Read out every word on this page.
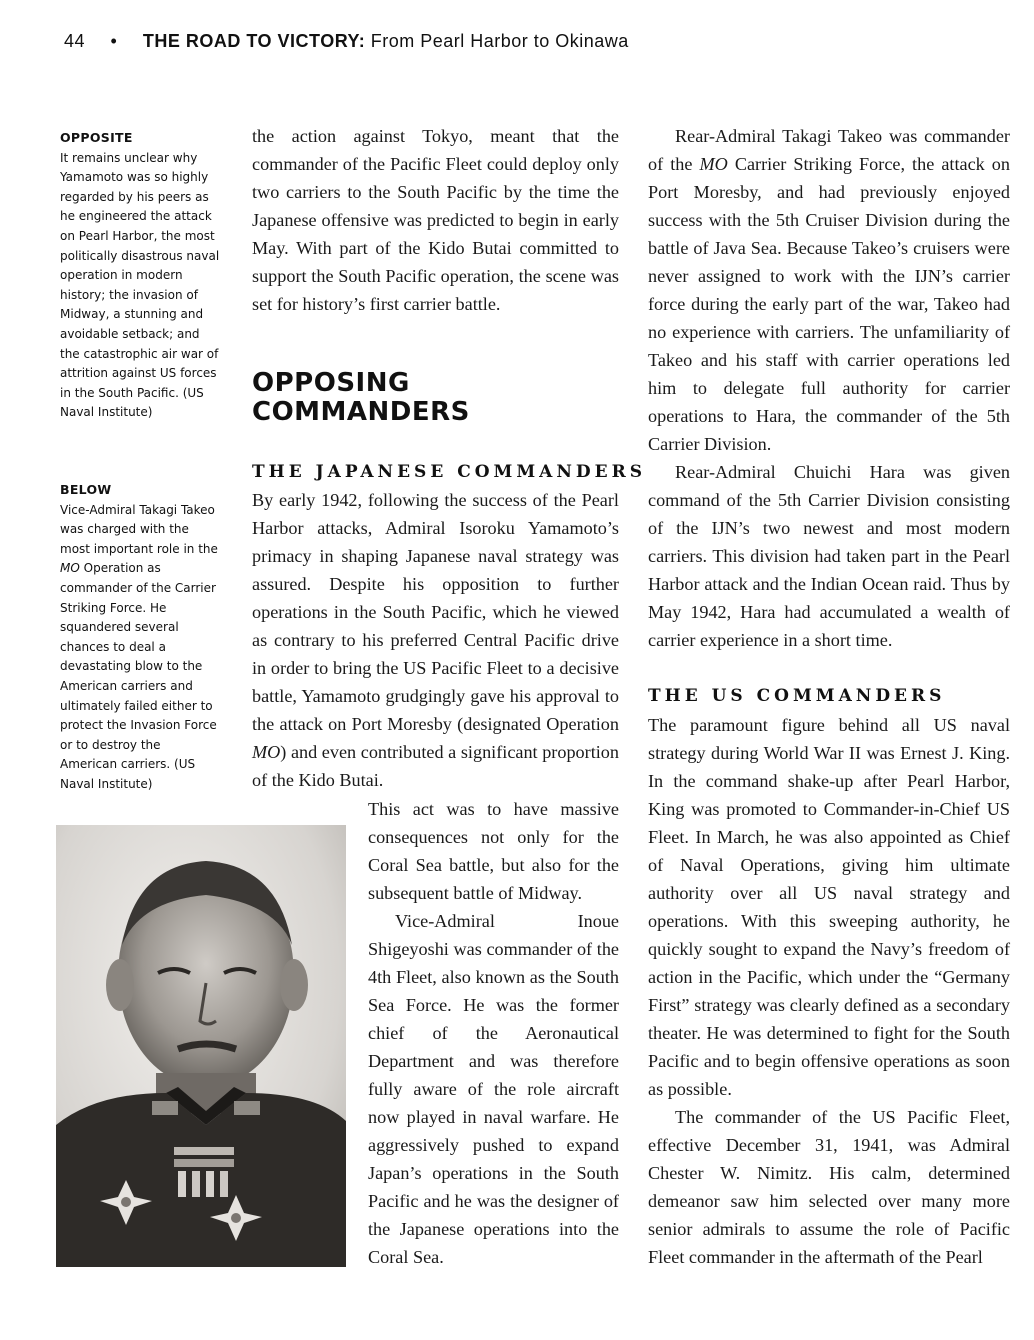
44 • THE ROAD TO VICTORY: From Pearl Harbor to Okinawa
OPPOSITE
It remains unclear why Yamamoto was so highly regarded by his peers as he engineered the attack on Pearl Harbor, the most politically disastrous naval operation in modern history; the invasion of Midway, a stunning and avoidable setback; and the catastrophic air war of attrition against US forces in the South Pacific. (US Naval Institute)
BELOW
Vice-Admiral Takagi Takeo was charged with the most important role in the MO Operation as commander of the Carrier Striking Force. He squandered several chances to deal a devastating blow to the American carriers and ultimately failed either to protect the Invasion Force or to destroy the American carriers. (US Naval Institute)

the action against Tokyo, meant that the commander of the Pacific Fleet could deploy only two carriers to the South Pacific by the time the Japanese offensive was predicted to begin in early May. With part of the Kido Butai committed to support the South Pacific operation, the scene was set for history’s first carrier battle.

OPPOSING COMMANDERS
THE JAPANESE COMMANDERS

By early 1942, following the success of the Pearl Harbor attacks, Admiral Isoroku Yamamoto’s primacy in shaping Japanese naval strategy was assured. Despite his opposition to further operations in the South Pacific, which he viewed as contrary to his preferred Central Pacific drive in order to bring the US Pacific Fleet to a decisive battle, Yamamoto grudgingly gave his approval to the attack on Port Moresby (designated Operation MO) and even contributed a significant proportion of the Kido Butai.

This act was to have massive consequences not only for the Coral Sea battle, but also for the subsequent battle of Midway.

Vice-Admiral Inoue Shigeyoshi was commander of the 4th Fleet, also known as the South Sea Force. He was the former chief of the Aeronautical Department and was therefore fully aware of the role aircraft now played in naval warfare. He aggressively pushed to expand Japan’s operations in the South Pacific and he was the designer of the Japanese operations into the Coral Sea.

Rear-Admiral Takagi Takeo was commander of the MO Carrier Striking Force, the attack on Port Moresby, and had previously enjoyed success with the 5th Cruiser Division during the battle of Java Sea. Because Takeo’s cruisers were never assigned to work with the IJN’s carrier force during the early part of the war, Takeo had no experience with carriers. The unfamiliarity of Takeo and his staff with carrier operations led him to delegate full authority for carrier operations to Hara, the commander of the 5th Carrier Division.

Rear-Admiral Chuichi Hara was given command of the 5th Carrier Division consisting of the IJN’s two newest and most modern carriers. This division had taken part in the Pearl Harbor attack and the Indian Ocean raid. Thus by May 1942, Hara had accumulated a wealth of carrier experience in a short time.

THE US COMMANDERS

The paramount figure behind all US naval strategy during World War II was Ernest J. King. In the command shake-up after Pearl Harbor, King was promoted to Commander-in-Chief US Fleet. In March, he was also appointed as Chief of Naval Operations, giving him ultimate authority over all US naval strategy and operations. With this sweeping authority, he quickly sought to expand the Navy’s freedom of action in the Pacific, which under the “Germany First” strategy was clearly defined as a secondary theater. He was determined to fight for the South Pacific and to begin offensive operations as soon as possible.

The commander of the US Pacific Fleet, effective December 31, 1941, was Admiral Chester W. Nimitz. His calm, determined demeanor saw him selected over many more senior admirals to assume the role of Pacific Fleet commander in the aftermath of the Pearl
